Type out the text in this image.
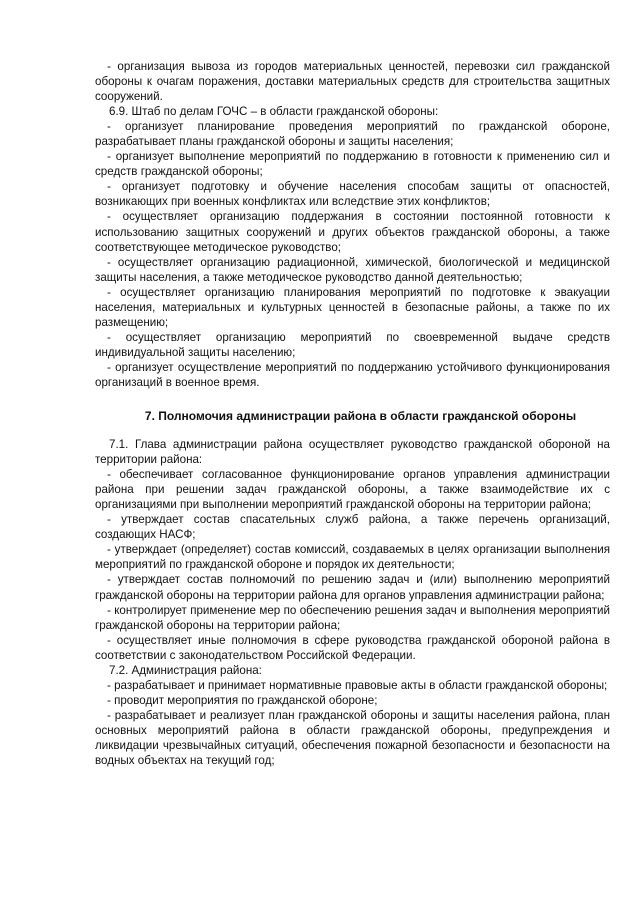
- организация вывоза из городов материальных ценностей, перевозки сил гражданской обороны к очагам поражения, доставки материальных средств для строительства защитных сооружений.

6.9. Штаб по делам ГОЧС – в области гражданской обороны:

- организует планирование проведения мероприятий по гражданской обороне, разрабатывает планы гражданской обороны и защиты населения;

- организует выполнение мероприятий по поддержанию в готовности к применению сил и средств гражданской обороны;

- организует подготовку и обучение населения способам защиты от опасностей, возникающих при военных конфликтах или вследствие этих конфликтов;

- осуществляет организацию поддержания в состоянии постоянной готовности к использованию защитных сооружений и других объектов гражданской обороны, а также соответствующее методическое руководство;

- осуществляет организацию радиационной, химической, биологической и медицинской защиты населения, а также методическое руководство данной деятельностью;

- осуществляет организацию планирования мероприятий по подготовке к эвакуации населения, материальных и культурных ценностей в безопасные районы, а также по их размещению;

- осуществляет организацию мероприятий по своевременной выдаче средств индивидуальной защиты населению;

- организует осуществление мероприятий по поддержанию устойчивого функционирования организаций в военное время.

7. Полномочия администрации района в области гражданской обороны

7.1. Глава администрации района осуществляет руководство гражданской обороной на территории района:

- обеспечивает согласованное функционирование органов управления администрации района при решении задач гражданской обороны, а также взаимодействие их с организациями при выполнении мероприятий гражданской обороны на территории района;

- утверждает состав спасательных служб района, а также перечень организаций, создающих НАСФ;

- утверждает (определяет) состав комиссий, создаваемых в целях организации выполнения мероприятий по гражданской обороне и порядок их деятельности;

- утверждает состав полномочий по решению задач и (или) выполнению мероприятий гражданской обороны на территории района для органов управления администрации района;

- контролирует применение мер по обеспечению решения задач и выполнения мероприятий гражданской обороны на территории района;

- осуществляет иные полномочия в сфере руководства гражданской обороной района в соответствии с законодательством Российской Федерации.

7.2. Администрация района:

- разрабатывает и принимает нормативные правовые акты в области гражданской обороны;

- проводит мероприятия по гражданской обороне;

- разрабатывает и реализует план гражданской обороны и защиты населения района, план основных мероприятий района в области гражданской обороны, предупреждения и ликвидации чрезвычайных ситуаций, обеспечения пожарной безопасности и безопасности на водных объектах на текущий год;
